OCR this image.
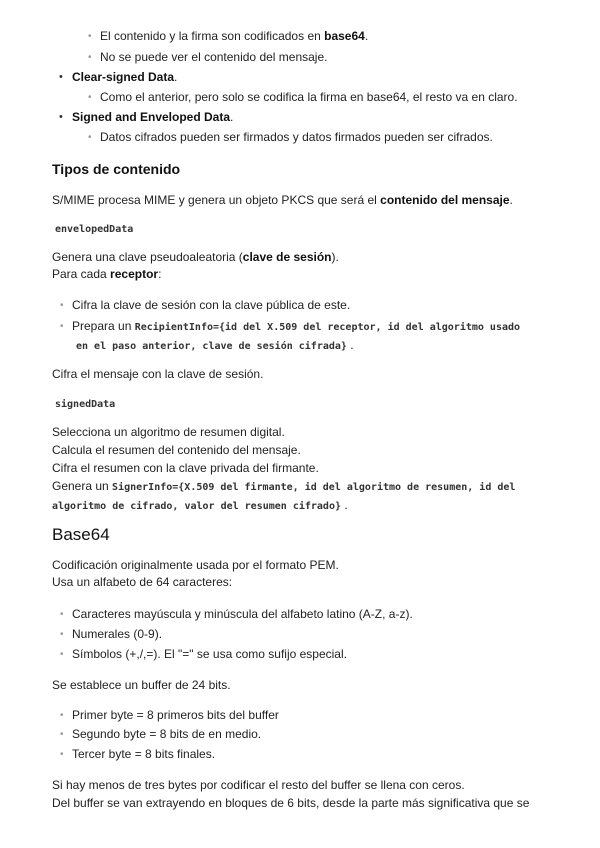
• El contenido y la firma son codificados en base64.
• No se puede ver el contenido del mensaje.
• Clear-signed Data.
• Como el anterior, pero solo se codifica la firma en base64, el resto va en claro.
• Signed and Enveloped Data.
• Datos cifrados pueden ser firmados y datos firmados pueden ser cifrados.
Tipos de contenido
S/MIME procesa MIME y genera un objeto PKCS que será el contenido del mensaje.
envelopedData
Genera una clave pseudoaleatoria (clave de sesión).
Para cada receptor:
• Cifra la clave de sesión con la clave pública de este.
• Prepara un RecipientInfo={id del X.509 del receptor, id del algoritmo usado
en el paso anterior, clave de sesión cifrada} .
Cifra el mensaje con la clave de sesión.
signedData
Selecciona un algoritmo de resumen digital.
Calcula el resumen del contenido del mensaje.
Cifra el resumen con la clave privada del firmante.
Genera un SignerInfo={X.509 del firmante, id del algoritmo de resumen, id del
algoritmo de cifrado, valor del resumen cifrado} .
Base64
Codificación originalmente usada por el formato PEM.
Usa un alfabeto de 64 caracteres:
• Caracteres mayúscula y minúscula del alfabeto latino (A-Z, a-z).
• Numerales (0-9).
• Símbolos (+,/,=). El "=" se usa como sufijo especial.
Se establece un buffer de 24 bits.
• Primer byte = 8 primeros bits del buffer
• Segundo byte = 8 bits de en medio.
• Tercer byte = 8 bits finales.
Si hay menos de tres bytes por codificar el resto del buffer se llena con ceros.
Del buffer se van extrayendo en bloques de 6 bits, desde la parte más significativa que se
